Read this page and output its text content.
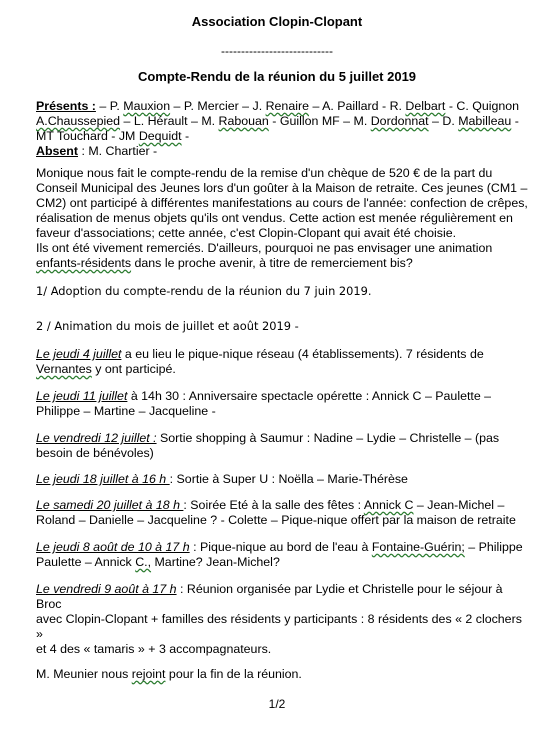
Association Clopin-Clopant
----------------------------
Compte-Rendu de la réunion du 5 juillet 2019
Présents : – P. Mauxion – P. Mercier – J. Renaire – A. Paillard - R. Delbart - C. Quignon
A.Chaussepied – L. Hérault – M. Rabouan - Guillon MF – M. Dordonnat – D. Mabilleau -
MT Touchard - JM Dequidt -
Absent : M. Chartier -
Monique nous fait le compte-rendu de la remise d'un chèque de 520 € de la part du
Conseil Municipal des Jeunes lors d'un goûter à la Maison de retraite. Ces jeunes (CM1 –
CM2) ont participé à différentes manifestations au cours de l'année: confection de crêpes,
réalisation de menus objets qu'ils ont vendus. Cette action est menée régulièrement en
faveur d'associations; cette année, c'est Clopin-Clopant qui avait été choisie.
Ils ont été vivement remerciés. D'ailleurs, pourquoi ne pas envisager une animation
enfants-résidents dans le proche avenir, à titre de remerciement bis?
1/ Adoption du compte-rendu de la réunion du 7 juin 2019.
2 / Animation du mois de juillet et août 2019 -
Le jeudi 4 juillet a eu lieu le pique-nique réseau (4 établissements). 7 résidents de
Vernantes y ont participé.
Le jeudi 11 juillet à 14h 30 : Anniversaire spectacle opérette : Annick C – Paulette –
Philippe – Martine – Jacqueline -
Le vendredi 12 juillet : Sortie shopping à Saumur : Nadine – Lydie – Christelle – (pas
besoin de bénévoles)
Le jeudi 18 juillet à 16 h : Sortie à Super U : Noëlla – Marie-Thérèse
Le samedi 20 juillet à 18 h : Soirée Eté à la salle des fêtes : Annick C – Jean-Michel –
Roland – Danielle – Jacqueline ? - Colette – Pique-nique offert par la maison de retraite
Le jeudi 8 août de 10 à 17 h : Pique-nique au bord de l'eau à Fontaine-Guérin; – Philippe
Paulette – Annick C., Martine? Jean-Michel?
Le vendredi 9 août à 17 h : Réunion organisée par Lydie et Christelle pour le séjour à Broc
avec Clopin-Clopant + familles des résidents y participants : 8 résidents des « 2 clochers »
et 4 des « tamaris » + 3 accompagnateurs.
M. Meunier nous rejoint pour la fin de la réunion.
1/2
